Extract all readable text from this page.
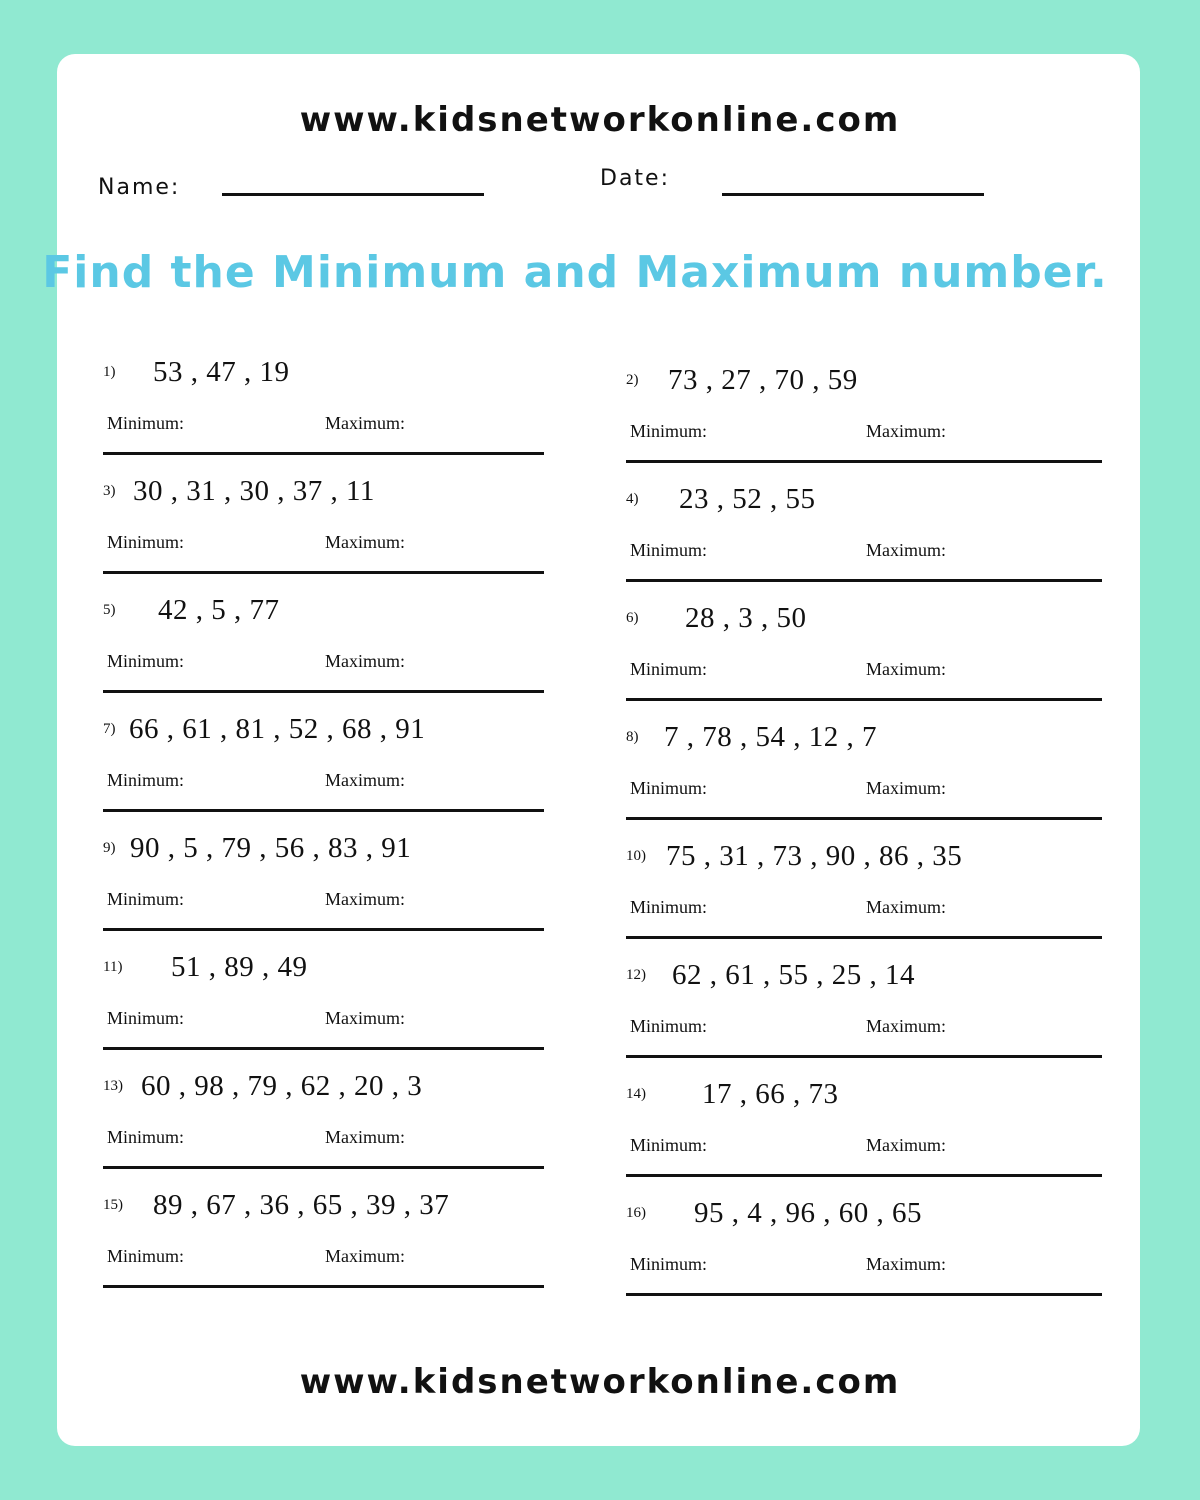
www.kidsnetworkonline.com
Name:	Date:
Find the Minimum and Maximum number.
1) 53 , 47 , 19
Minimum:	Maximum:
2) 73 , 27 , 70 , 59
Minimum:	Maximum:
3) 30 , 31 , 30 , 37 , 11
Minimum:	Maximum:
4) 23 , 52 , 55
Minimum:	Maximum:
5) 42 , 5 , 77
Minimum:	Maximum:
6) 28 , 3 , 50
Minimum:	Maximum:
7) 66 , 61 , 81 , 52 , 68 , 91
Minimum:	Maximum:
8) 7 , 78 , 54 , 12 , 7
Minimum:	Maximum:
9) 90 , 5 , 79 , 56 , 83 , 91
Minimum:	Maximum:
10) 75 , 31 , 73 , 90 , 86 , 35
Minimum:	Maximum:
11) 51 , 89 , 49
Minimum:	Maximum:
12) 62 , 61 , 55 , 25 , 14
Minimum:	Maximum:
13) 60 , 98 , 79 , 62 , 20 , 3
Minimum:	Maximum:
14) 17 , 66 , 73
Minimum:	Maximum:
15) 89 , 67 , 36 , 65 , 39 , 37
Minimum:	Maximum:
16) 95 , 4 , 96 , 60 , 65
Minimum:	Maximum:
www.kidsnetworkonline.com
